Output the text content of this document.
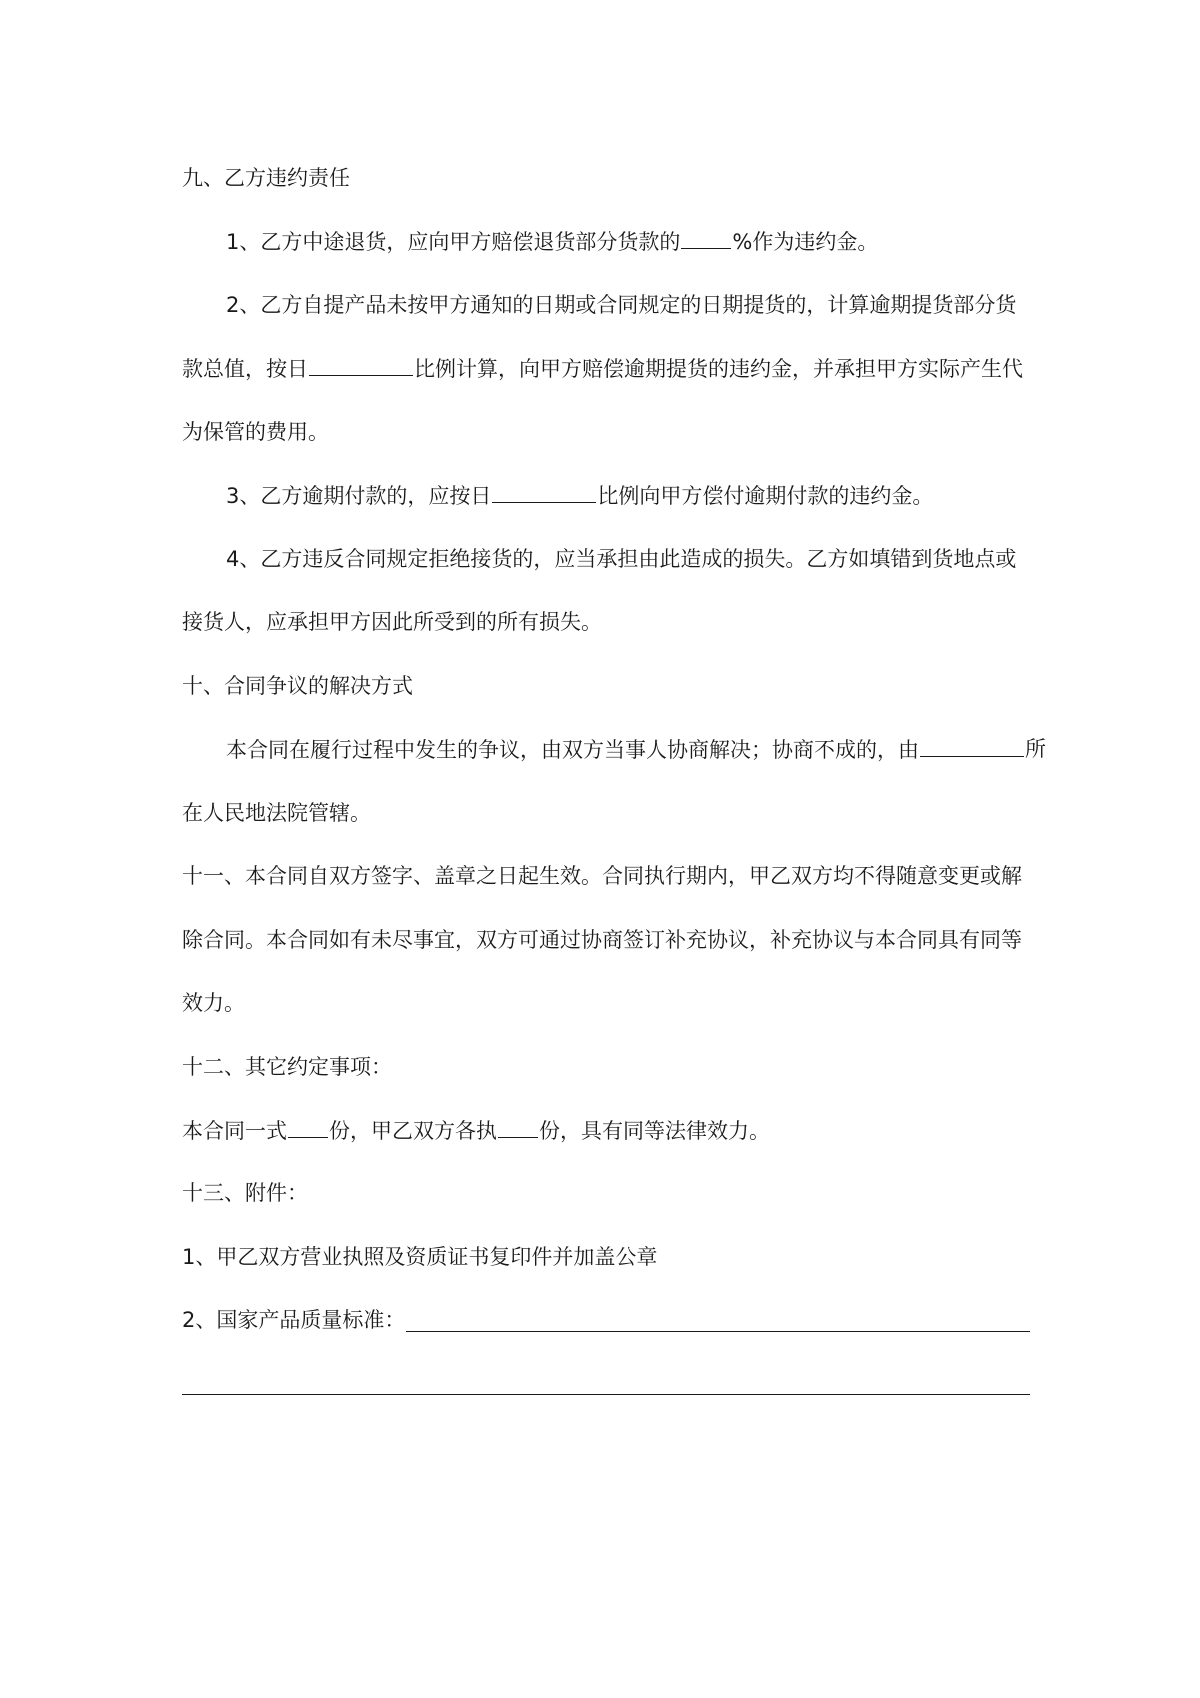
九、乙方违约责任
1、乙方中途退货，应向甲方赔偿退货部分货款的 %作为违约金。
2、乙方自提产品未按甲方通知的日期或合同规定的日期提货的，计算逾期提货部分货
款总值，按日	比例计算，向甲方赔偿逾期提货的违约金，并承担甲方实际产生代
为保管的费用。
3、乙方逾期付款的，应按日	比例向甲方偿付逾期付款的违约金。
4、乙方违反合同规定拒绝接货的，应当承担由此造成的损失。乙方如填错到货地点或
接货人，应承担甲方因此所受到的所有损失。
十、合同争议的解决方式
本合同在履行过程中发生的争议，由双方当事人协商解决；协商不成的，由	所
在人民地法院管辖。
十一、本合同自双方签字、盖章之日起生效。合同执行期内，甲乙双方均不得随意变更或解
除合同。本合同如有未尽事宜，双方可通过协商签订补充协议，补充协议与本合同具有同等
效力。
十二、其它约定事项：
本合同一式 份，甲乙双方各执 份，具有同等法律效力。
十三、附件：
1、甲乙双方营业执照及资质证书复印件并加盖公章
2、国家产品质量标准：
